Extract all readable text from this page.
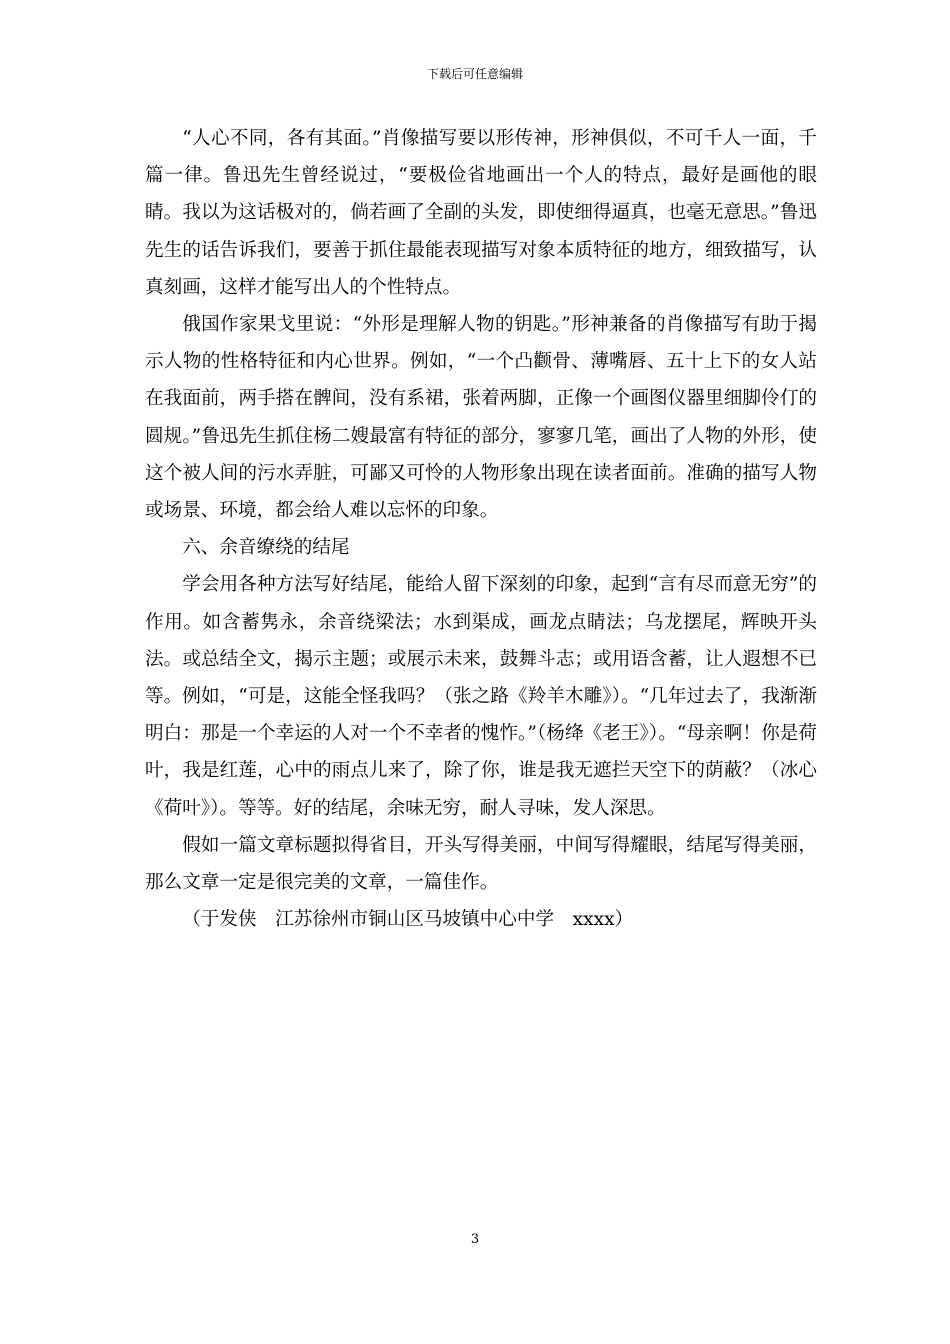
下载后可任意编辑

“人心不同，各有其面。”肖像描写要以形传神，形神俱似，不可千人一面，千篇一律。鲁迅先生曾经说过，“要极俭省地画出一个人的特点，最好是画他的眼睛。我以为这话极对的，倘若画了全副的头发，即使细得逼真，也毫无意思。”鲁迅先生的话告诉我们，要善于抓住最能表现描写对象本质特征的地方，细致描写，认真刻画，这样才能写出人的个性特点。

俄国作家果戈里说：“外形是理解人物的钥匙。”形神兼备的肖像描写有助于揭示人物的性格特征和内心世界。例如，“一个凸颧骨、薄嘴唇、五十上下的女人站在我面前，两手搭在髀间，没有系裙，张着两脚，正像一个画图仪器里细脚伶仃的圆规。”鲁迅先生抓住杨二嫂最富有特征的部分，寥寥几笔，画出了人物的外形，使这个被人间的污水弄脏，可鄙又可怜的人物形象出现在读者面前。准确的描写人物或场景、环境，都会给人难以忘怀的印象。

六、余音缭绕的结尾

学会用各种方法写好结尾，能给人留下深刻的印象，起到“言有尽而意无穷”的作用。如含蓄隽永，余音绕梁法；水到渠成，画龙点睛法；乌龙摆尾，辉映开头法。或总结全文，揭示主题；或展示未来，鼓舞斗志；或用语含蓄，让人遐想不已等。例如，“可是，这能全怪我吗？（张之路《羚羊木雕》）。“几年过去了，我渐渐明白：那是一个幸运的人对一个不幸者的愧怍。”（杨绛《老王》）。“母亲啊！你是荷叶，我是红莲，心中的雨点儿来了，除了你，谁是我无遮拦天空下的荫蔽？（冰心《荷叶》）。等等。好的结尾，余味无穷，耐人寻味，发人深思。

假如一篇文章标题拟得省目，开头写得美丽，中间写得耀眼，结尾写得美丽，那么文章一定是很完美的文章，一篇佳作。

（于发侠　江苏徐州市铜山区马坡镇中心中学　xxxx）

3
